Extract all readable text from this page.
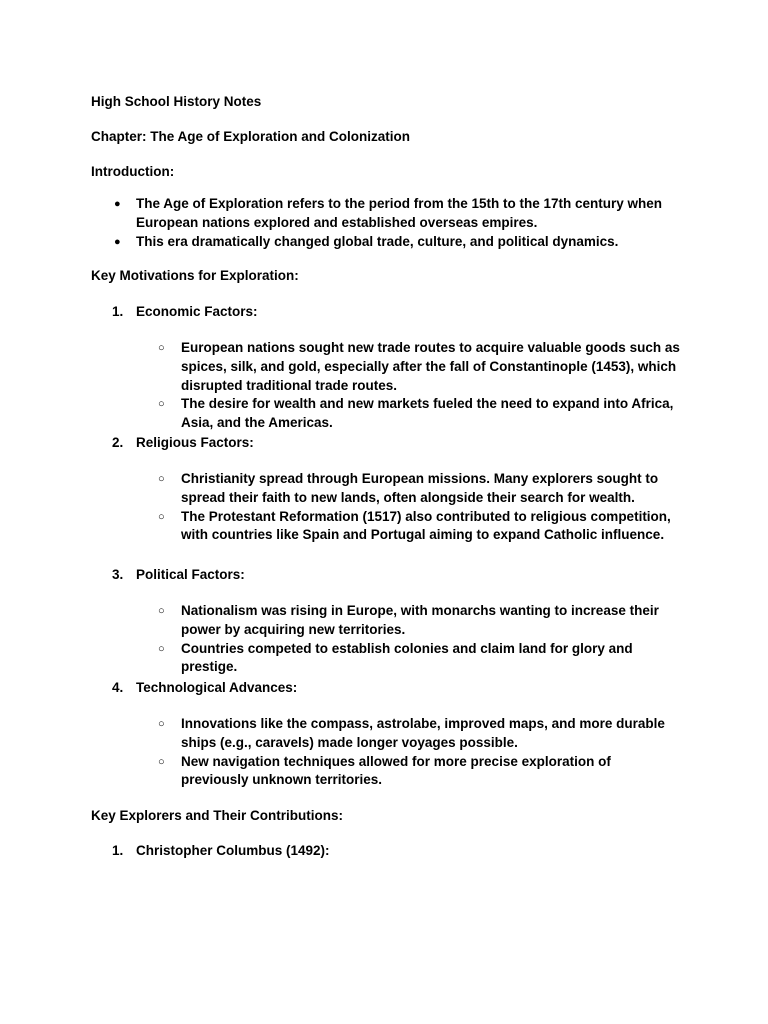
High School History Notes
Chapter: The Age of Exploration and Colonization
Introduction:
● The Age of Exploration refers to the period from the 15th to the 17th century when European nations explored and established overseas empires.
● This era dramatically changed global trade, culture, and political dynamics.
Key Motivations for Exploration:
1. Economic Factors:
○ European nations sought new trade routes to acquire valuable goods such as spices, silk, and gold, especially after the fall of Constantinople (1453), which disrupted traditional trade routes.
○ The desire for wealth and new markets fueled the need to expand into Africa, Asia, and the Americas.
2. Religious Factors:
○ Christianity spread through European missions. Many explorers sought to spread their faith to new lands, often alongside their search for wealth.
○ The Protestant Reformation (1517) also contributed to religious competition, with countries like Spain and Portugal aiming to expand Catholic influence.
3. Political Factors:
○ Nationalism was rising in Europe, with monarchs wanting to increase their power by acquiring new territories.
○ Countries competed to establish colonies and claim land for glory and prestige.
4. Technological Advances:
○ Innovations like the compass, astrolabe, improved maps, and more durable ships (e.g., caravels) made longer voyages possible.
○ New navigation techniques allowed for more precise exploration of previously unknown territories.
Key Explorers and Their Contributions:
1. Christopher Columbus (1492):
